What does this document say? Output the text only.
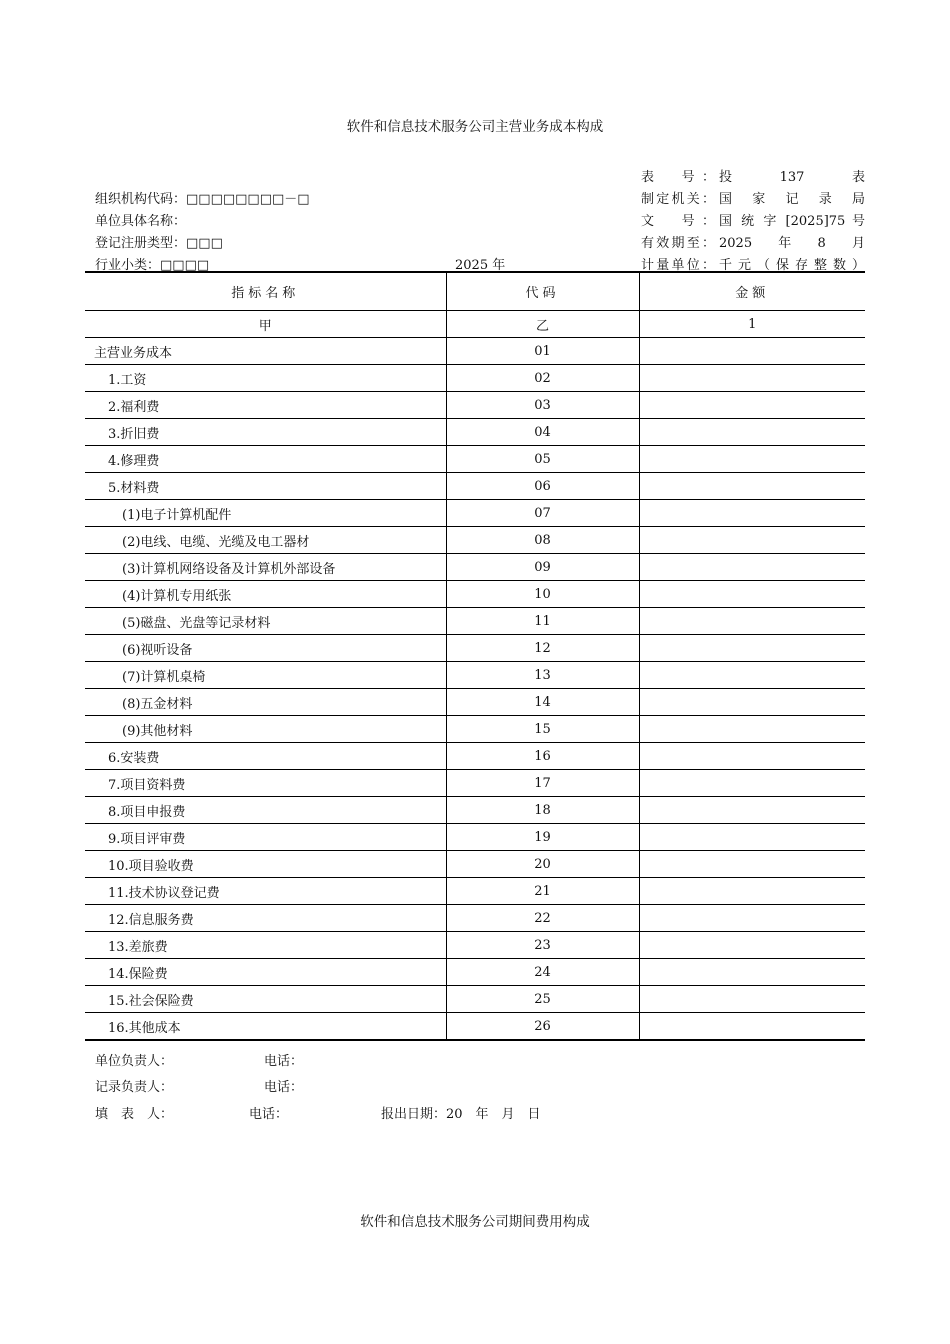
软件和信息技术服务公司主营业务成本构成
组织机构代码：□□□□□□□□－□
单位具体名称：
登记注册类型：□□□
行业小类：□□□□	2025 年
表　号： 投　　137　　表
制定机关： 国　家　记　录　局
文　号： 国 统 字 [2025]75 号
有效期至： 2025　　年　　8　　月
计量单位： 千 元 （ 保 存 整 数 ）
指标名称	代码	金额
甲	乙	1
主营业务成本	01	
1.工资	02	
2.福利费	03	
3.折旧费	04	
4.修理费	05	
5.材料费	06	
(1)电子计算机配件	07	
(2)电线、电缆、光缆及电工器材	08	
(3)计算机网络设备及计算机外部设备	09	
(4)计算机专用纸张	10	
(5)磁盘、光盘等记录材料	11	
(6)视听设备	12	
(7)计算机桌椅	13	
(8)五金材料	14	
(9)其他材料	15	
6.安装费	16	
7.项目资料费	17	
8.项目申报费	18	
9.项目评审费	19	
10.项目验收费	20	
11.技术协议登记费	21	
12.信息服务费	22	
13.差旅费	23	
14.保险费	24	
15.社会保险费	25	
16.其他成本	26	
单位负责人：	电话：
记录负责人：	电话：
填　表　人：	电话：	报出日期：20　年　月　日
软件和信息技术服务公司期间费用构成
